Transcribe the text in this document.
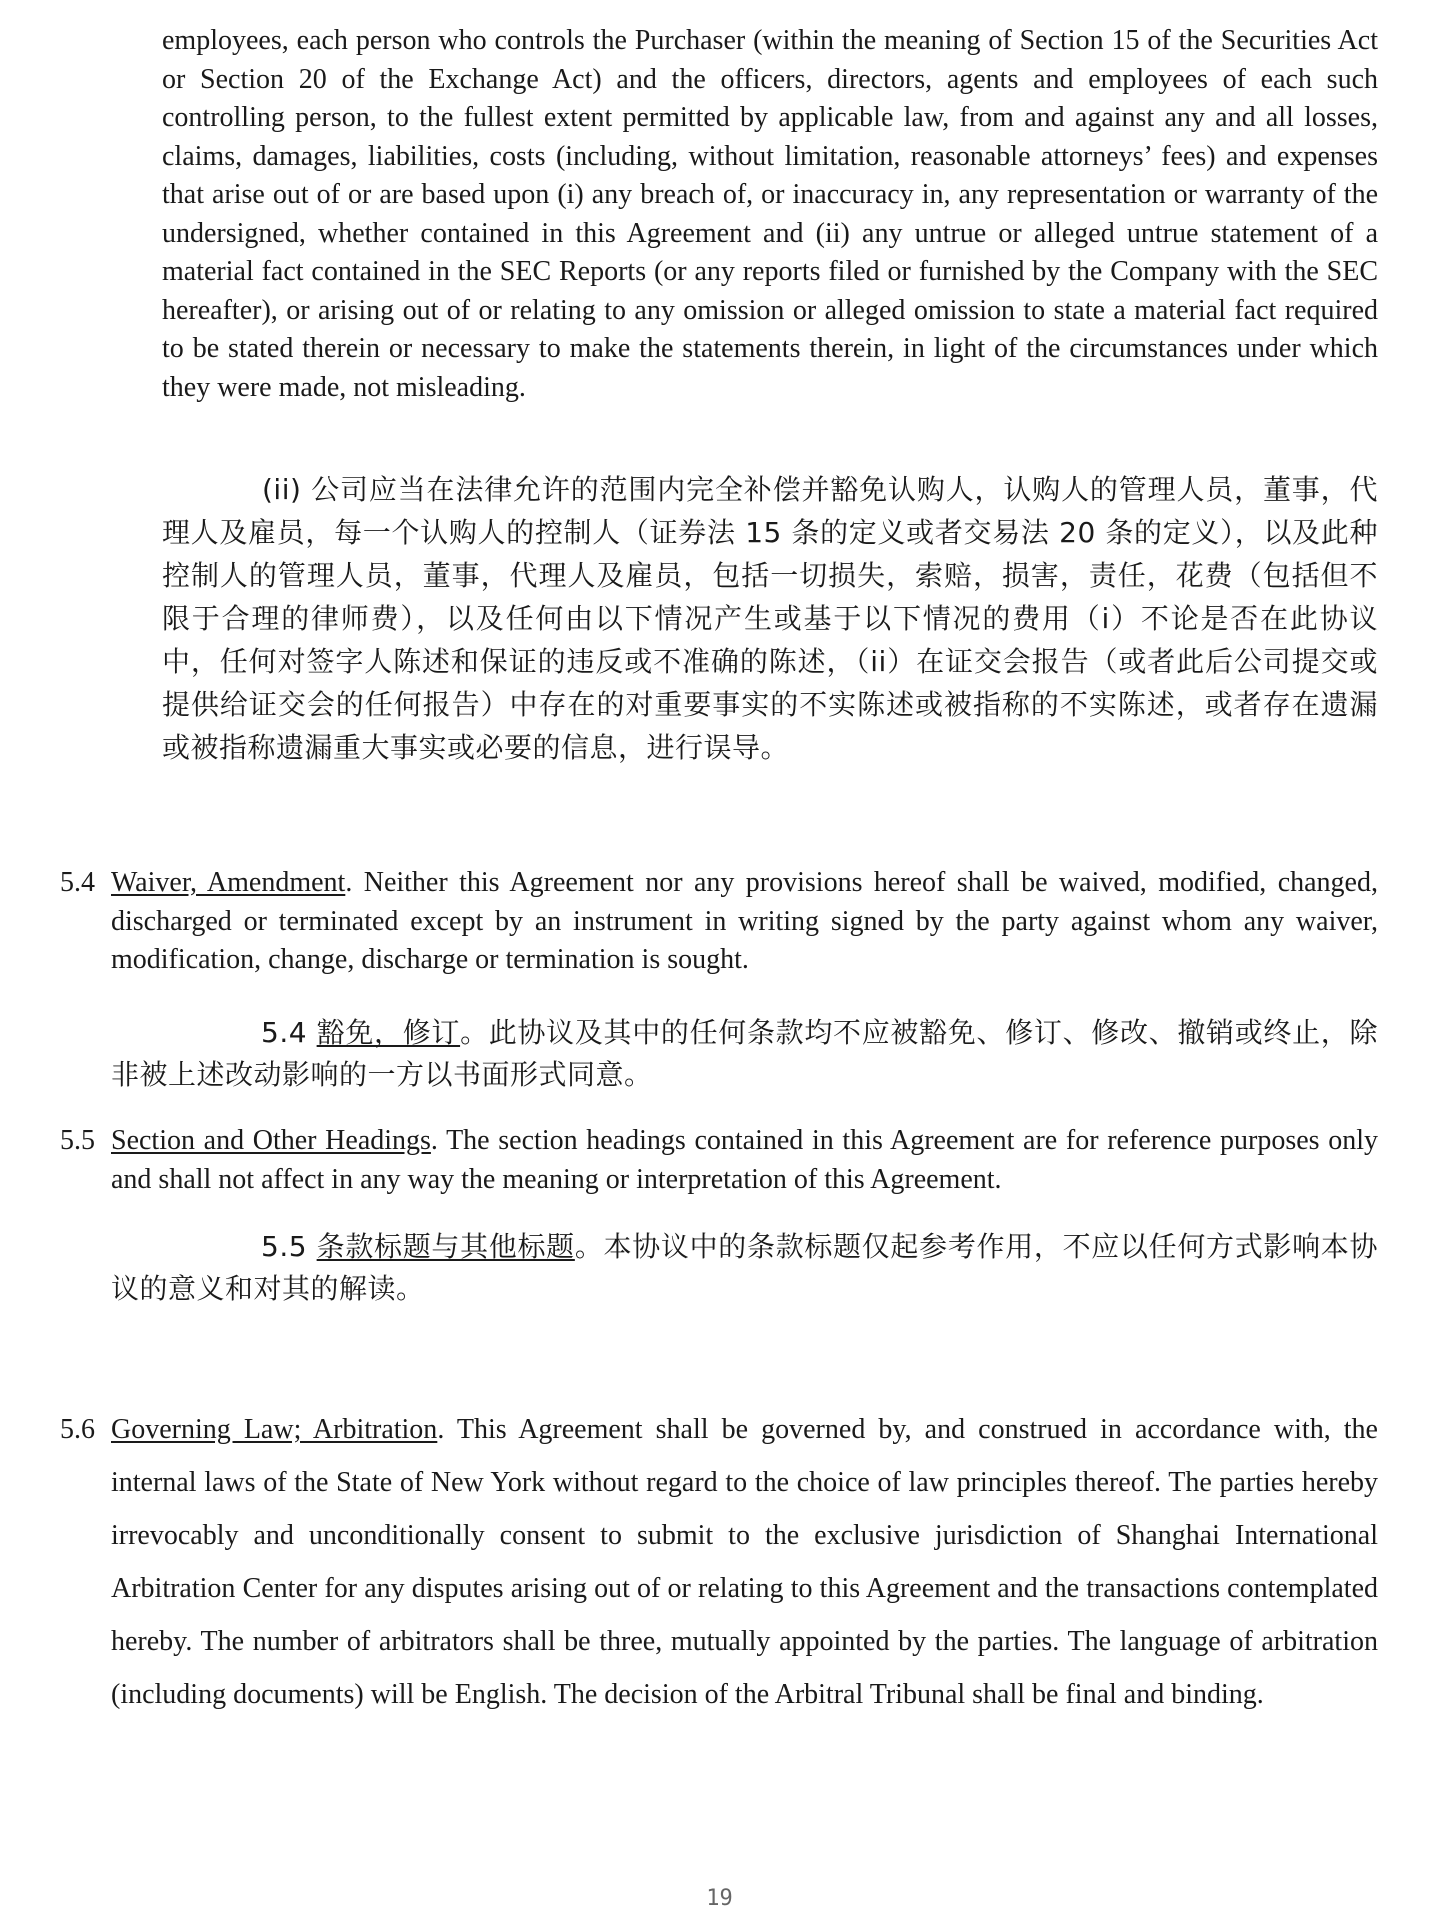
employees, each person who controls the Purchaser (within the meaning of Section 15 of the Securities Act or Section 20 of the Exchange Act) and the officers, directors, agents and employees of each such controlling person, to the fullest extent permitted by applicable law, from and against any and all losses, claims, damages, liabilities, costs (including, without limitation, reasonable attorneys’ fees) and expenses that arise out of or are based upon (i) any breach of, or inaccuracy in, any representation or warranty of the undersigned, whether contained in this Agreement and (ii) any untrue or alleged untrue statement of a material fact contained in the SEC Reports (or any reports filed or furnished by the Company with the SEC hereafter), or arising out of or relating to any omission or alleged omission to state a material fact required to be stated therein or necessary to make the statements therein, in light of the circumstances under which they were made, not misleading.

(ii) 公司应当在法律允许的范围内完全补偿并豁免认购人，认购人的管理人员，董事，代理人及雇员，每一个认购人的控制人（证券法 15 条的定义或者交易法 20 条的定义），以及此种控制人的管理人员，董事，代理人及雇员，包括一切损失，索赔，损害，责任，花费（包括但不限于合理的律师费），以及任何由以下情况产生或基于以下情况的费用（i）不论是否在此协议中，任何对签字人陈述和保证的违反或不准确的陈述，（ii）在证交会报告（或者此后公司提交或提供给证交会的任何报告）中存在的对重要事实的不实陈述或被指称的不实陈述，或者存在遗漏或被指称遗漏重大事实或必要的信息，进行误导。

5.4 Waiver, Amendment. Neither this Agreement nor any provisions hereof shall be waived, modified, changed, discharged or terminated except by an instrument in writing signed by the party against whom any waiver, modification, change, discharge or termination is sought.

5.4 豁免，修订。此协议及其中的任何条款均不应被豁免、修订、修改、撤销或终止，除非被上述改动影响的一方以书面形式同意。

5.5 Section and Other Headings. The section headings contained in this Agreement are for reference purposes only and shall not affect in any way the meaning or interpretation of this Agreement.

5.5 条款标题与其他标题。本协议中的条款标题仅起参考作用，不应以任何方式影响本协议的意义和对其的解读。

5.6 Governing Law; Arbitration. This Agreement shall be governed by, and construed in accordance with, the internal laws of the State of New York without regard to the choice of law principles thereof. The parties hereby irrevocably and unconditionally consent to submit to the exclusive jurisdiction of Shanghai International Arbitration Center for any disputes arising out of or relating to this Agreement and the transactions contemplated hereby. The number of arbitrators shall be three, mutually appointed by the parties. The language of arbitration (including documents) will be English. The decision of the Arbitral Tribunal shall be final and binding.

19
